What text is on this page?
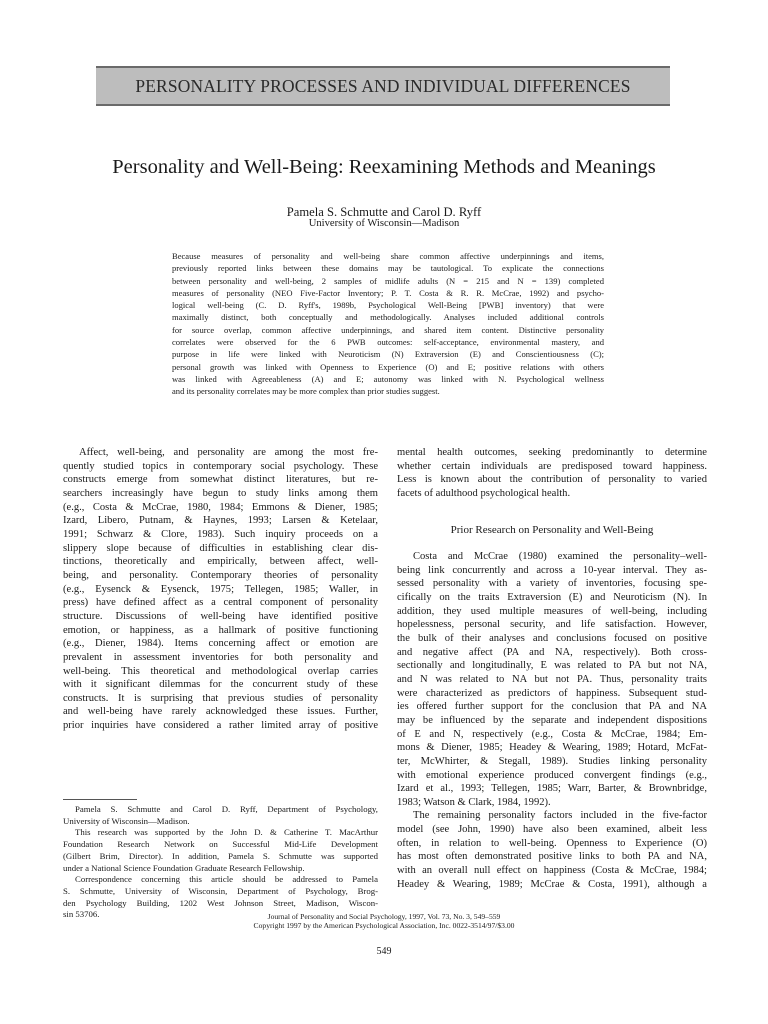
PERSONALITY PROCESSES AND INDIVIDUAL DIFFERENCES
Personality and Well-Being: Reexamining Methods and Meanings
Pamela S. Schmutte and Carol D. Ryff
University of Wisconsin—Madison
Because measures of personality and well-being share common affective underpinnings and items,
previously reported links between these domains may be tautological. To explicate the connections
between personality and well-being, 2 samples of midlife adults (N = 215 and N = 139) completed
measures of personality (NEO Five-Factor Inventory; P. T. Costa & R. R. McCrae, 1992) and psycho-
logical well-being (C. D. Ryff's, 1989b, Psychological Well-Being [PWB] inventory) that were
maximally distinct, both conceptually and methodologically. Analyses included additional controls
for source overlap, common affective underpinnings, and shared item content. Distinctive personality
correlates were observed for the 6 PWB outcomes: self-acceptance, environmental mastery, and
purpose in life were linked with Neuroticism (N) Extraversion (E) and Conscientiousness (C);
personal growth was linked with Openness to Experience (O) and E; positive relations with others
was linked with Agreeableness (A) and E; autonomy was linked with N. Psychological wellness
and its personality correlates may be more complex than prior studies suggest.
Affect, well-being, and personality are among the most fre-
quently studied topics in contemporary social psychology. These
constructs emerge from somewhat distinct literatures, but re-
searchers increasingly have begun to study links among them
(e.g., Costa & McCrae, 1980, 1984; Emmons & Diener, 1985;
Izard, Libero, Putnam, & Haynes, 1993; Larsen & Ketelaar,
1991; Schwarz & Clore, 1983). Such inquiry proceeds on a
slippery slope because of difficulties in establishing clear dis-
tinctions, theoretically and empirically, between affect, well-
being, and personality. Contemporary theories of personality
(e.g., Eysenck & Eysenck, 1975; Tellegen, 1985; Waller, in
press) have defined affect as a central component of personality
structure. Discussions of well-being have identified positive
emotion, or happiness, as a hallmark of positive functioning
(e.g., Diener, 1984). Items concerning affect or emotion are
prevalent in assessment inventories for both personality and
well-being. This theoretical and methodological overlap carries
with it significant dilemmas for the concurrent study of these
constructs. It is surprising that previous studies of personality
and well-being have rarely acknowledged these issues. Further,
prior inquiries have considered a rather limited array of positive
mental health outcomes, seeking predominantly to determine
whether certain individuals are predisposed toward happiness.
Less is known about the contribution of personality to varied
facets of adulthood psychological health.
Prior Research on Personality and Well-Being
Costa and McCrae (1980) examined the personality–well-
being link concurrently and across a 10-year interval. They as-
sessed personality with a variety of inventories, focusing spe-
cifically on the traits Extraversion (E) and Neuroticism (N). In
addition, they used multiple measures of well-being, including
hopelessness, personal security, and life satisfaction. However,
the bulk of their analyses and conclusions focused on positive
and negative affect (PA and NA, respectively). Both cross-
sectionally and longitudinally, E was related to PA but not NA,
and N was related to NA but not PA. Thus, personality traits
were characterized as predictors of happiness. Subsequent stud-
ies offered further support for the conclusion that PA and NA
may be influenced by the separate and independent dispositions
of E and N, respectively (e.g., Costa & McCrae, 1984; Em-
mons & Diener, 1985; Headey & Wearing, 1989; Hotard, McFat-
ter, McWhirter, & Stegall, 1989). Studies linking personality
with emotional experience produced convergent findings (e.g.,
Izard et al., 1993; Tellegen, 1985; Warr, Barter, & Brownbridge,
1983; Watson & Clark, 1984, 1992).
The remaining personality factors included in the five-factor
model (see John, 1990) have also been examined, albeit less
often, in relation to well-being. Openness to Experience (O)
has most often demonstrated positive links to both PA and NA,
with an overall null effect on happiness (Costa & McCrae, 1984;
Headey & Wearing, 1989; McCrae & Costa, 1991), although a
Pamela S. Schmutte and Carol D. Ryff, Department of Psychology,
University of Wisconsin—Madison.
This research was supported by the John D. & Catherine T. MacArthur
Foundation Research Network on Successful Mid-Life Development
(Gilbert Brim, Director). In addition, Pamela S. Schmutte was supported
under a National Science Foundation Graduate Research Fellowship.
Correspondence concerning this article should be addressed to Pamela
S. Schmutte, University of Wisconsin, Department of Psychology, Brog-
den Psychology Building, 1202 West Johnson Street, Madison, Wiscon-
sin 53706.	Journal of Personality and Social Psychology, 1997, Vol. 73, No. 3, 549–559
Copyright 1997 by the American Psychological Association, Inc. 0022-3514/97/$3.00
549
